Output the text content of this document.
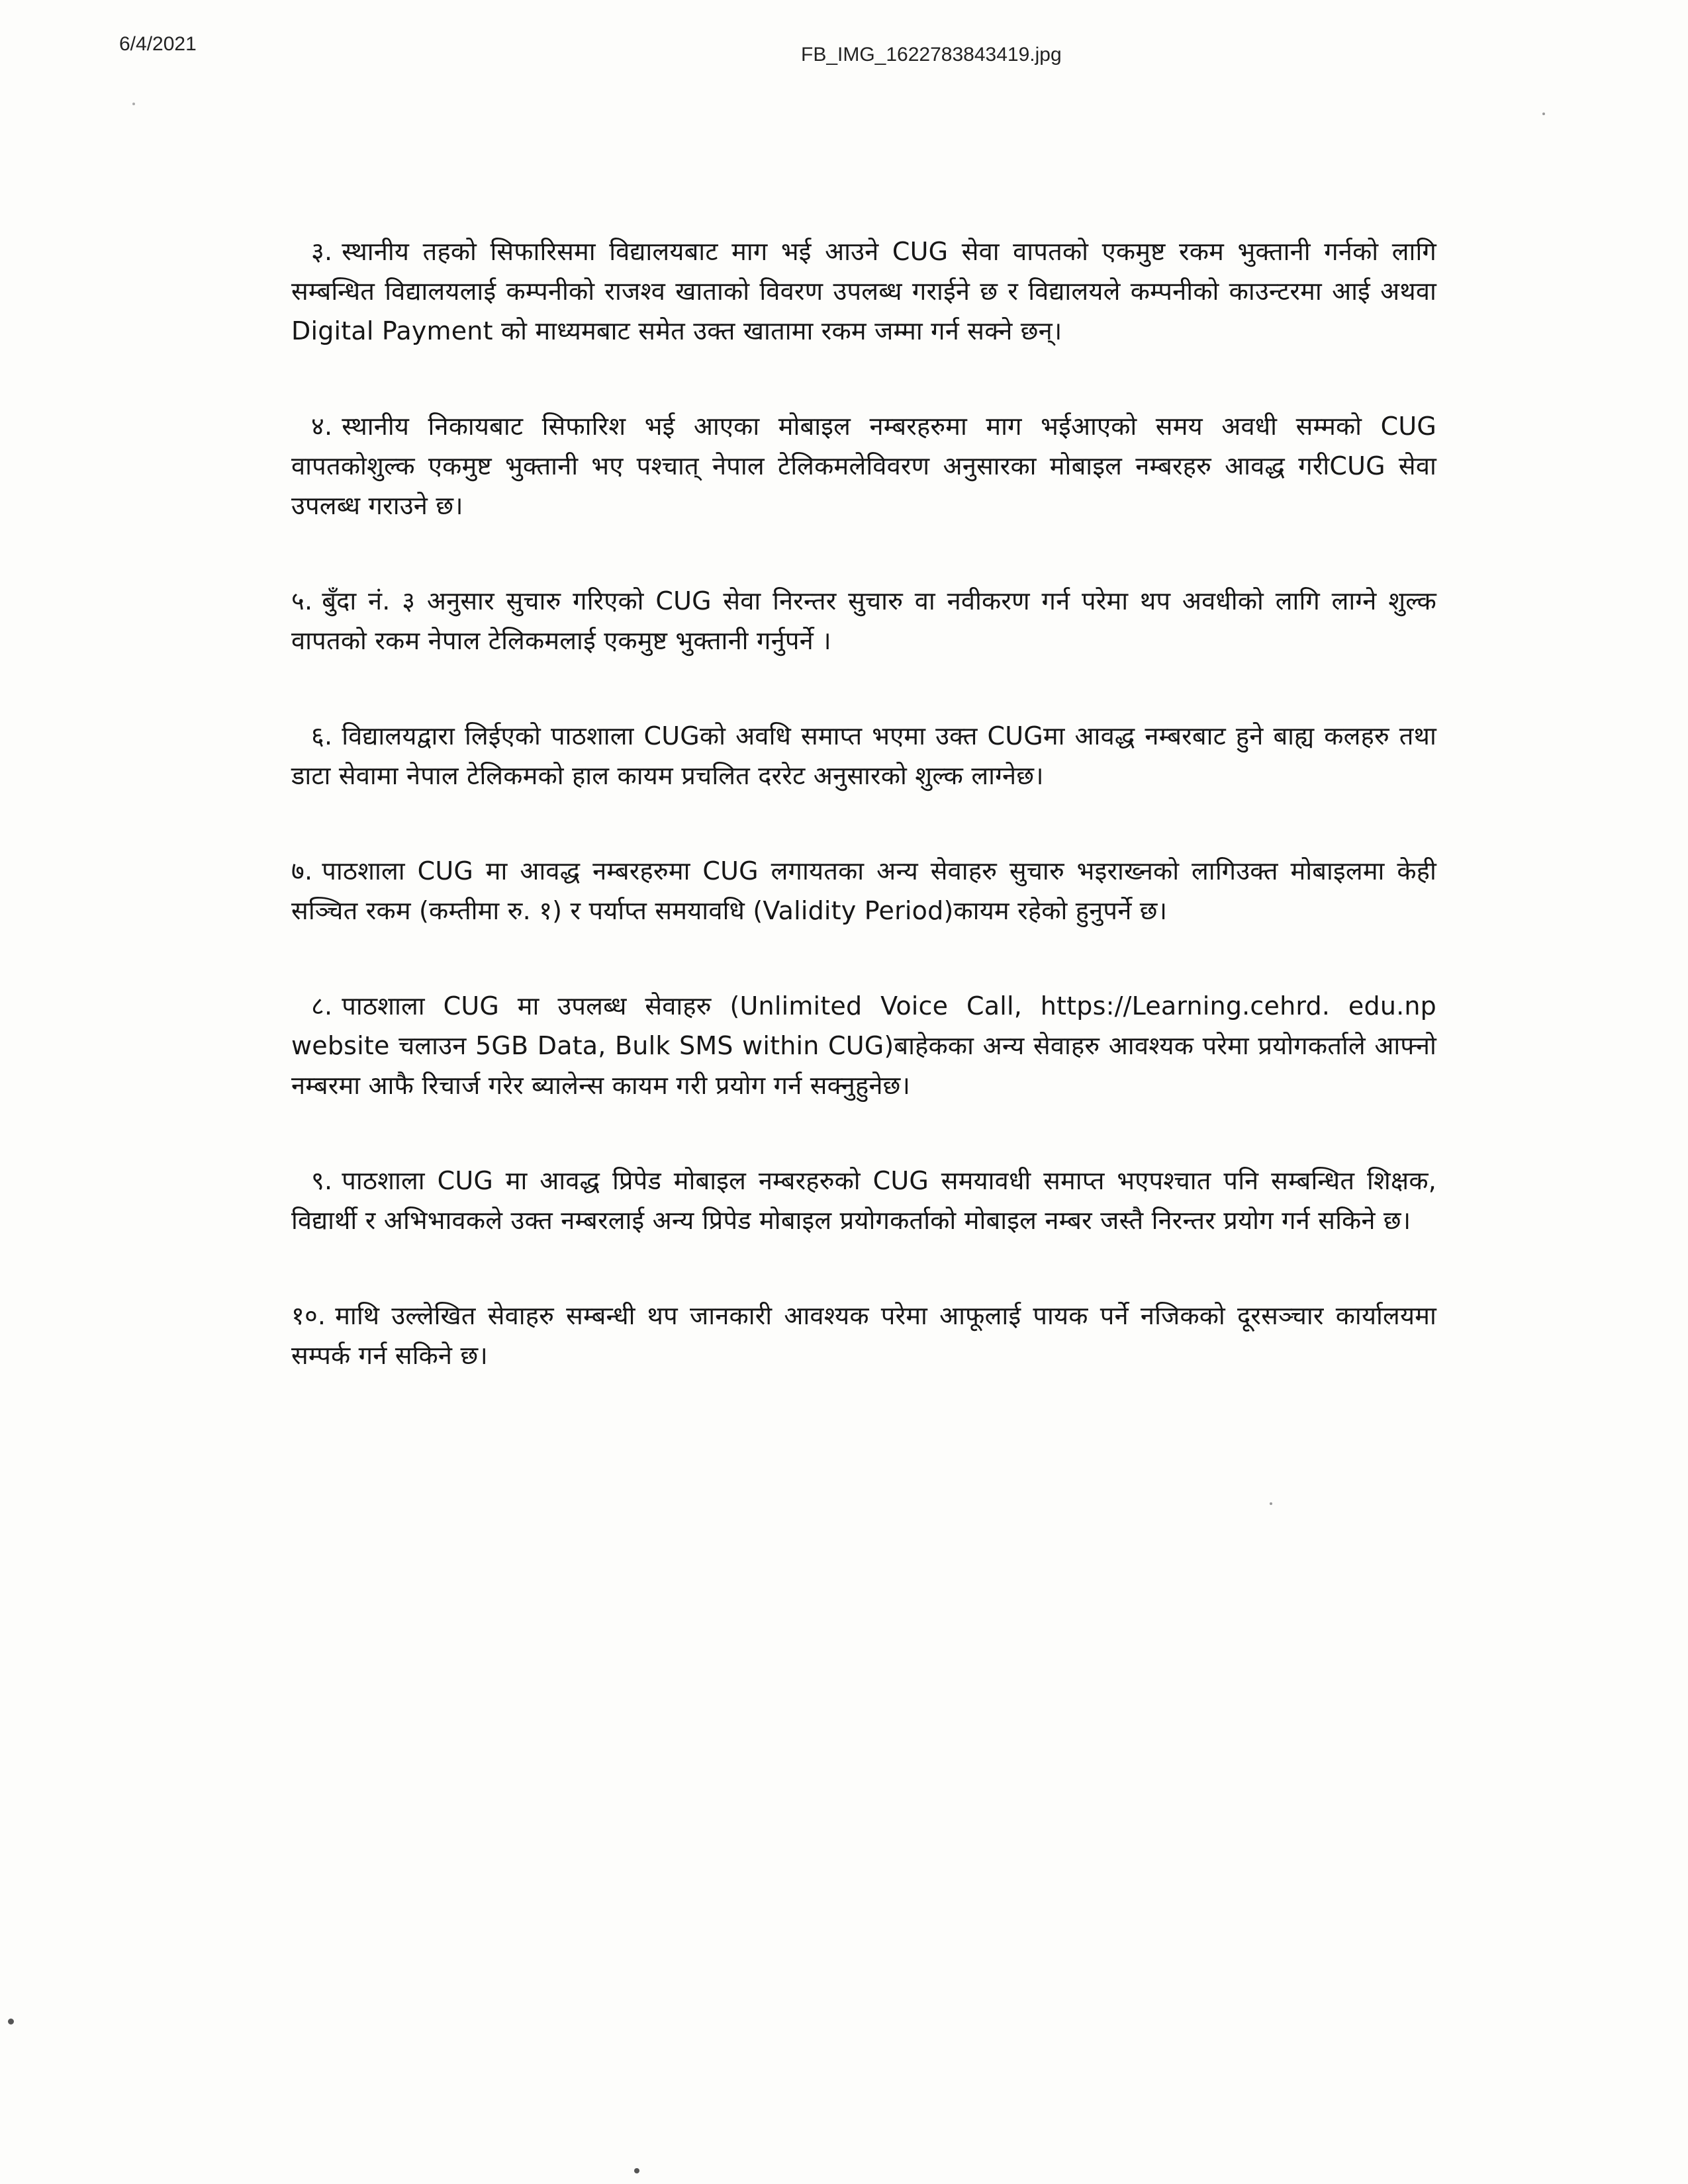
6/4/2021	FB_IMG_1622783843419.jpg

३. स्थानीय तहको सिफारिसमा विद्यालयबाट माग भई आउने CUG सेवा वापतको एकमुष्ट रकम भुक्तानी गर्नको लागि सम्बन्धित विद्यालयलाई कम्पनीको राजश्व खाताको विवरण उपलब्ध गराईने छ र विद्यालयले कम्पनीको काउन्टरमा आई अथवा Digital Payment को माध्यमबाट समेत उक्त खातामा रकम जम्मा गर्न सक्ने छन्।

४. स्थानीय निकायबाट सिफारिश भई आएका मोबाइल नम्बरहरुमा माग भईआएको समय अवधी सम्मको CUG वापतकोशुल्क एकमुष्ट भुक्तानी भए पश्चात् नेपाल टेलिकमलेविवरण अनुसारका मोबाइल नम्बरहरु आवद्ध गरीCUG सेवा उपलब्ध गराउने छ।

५. बुँदा नं. ३ अनुसार सुचारु गरिएको CUG सेवा निरन्तर सुचारु वा नवीकरण गर्न परेमा थप अवधीको लागि लाग्ने शुल्क वापतको रकम नेपाल टेलिकमलाई एकमुष्ट भुक्तानी गर्नुपर्ने ।

६. विद्यालयद्वारा लिईएको पाठशाला CUGको अवधि समाप्त भएमा उक्त CUGमा आवद्ध नम्बरबाट हुने बाह्य कलहरु तथा डाटा सेवामा नेपाल टेलिकमको हाल कायम प्रचलित दररेट अनुसारको शुल्क लाग्नेछ।

७. पाठशाला CUG मा आवद्ध नम्बरहरुमा CUG लगायतका अन्य सेवाहरु सुचारु भइराख्नको लागिउक्त मोबाइलमा केही सञ्चित रकम (कम्तीमा रु. १) र पर्याप्त समयावधि (Validity Period)कायम रहेको हुनुपर्ने छ।

८. पाठशाला CUG मा उपलब्ध सेवाहरु (Unlimited Voice Call, https://Learning.cehrd. edu.np website चलाउन 5GB Data, Bulk SMS within CUG)बाहेकका अन्य सेवाहरु आवश्यक परेमा प्रयोगकर्ताले आफ्नो नम्बरमा आफै रिचार्ज गरेर ब्यालेन्स कायम गरी प्रयोग गर्न सक्नुहुनेछ।

९. पाठशाला CUG मा आवद्ध प्रिपेड मोबाइल नम्बरहरुको CUG समयावधी समाप्त भएपश्चात पनि सम्बन्धित शिक्षक, विद्यार्थी र अभिभावकले उक्त नम्बरलाई अन्य प्रिपेड मोबाइल प्रयोगकर्ताको मोबाइल नम्बर जस्तै निरन्तर प्रयोग गर्न सकिने छ।

१०. माथि उल्लेखित सेवाहरु सम्बन्धी थप जानकारी आवश्यक परेमा आफूलाई पायक पर्ने नजिकको दूरसञ्चार कार्यालयमा सम्पर्क गर्न सकिने छ।
